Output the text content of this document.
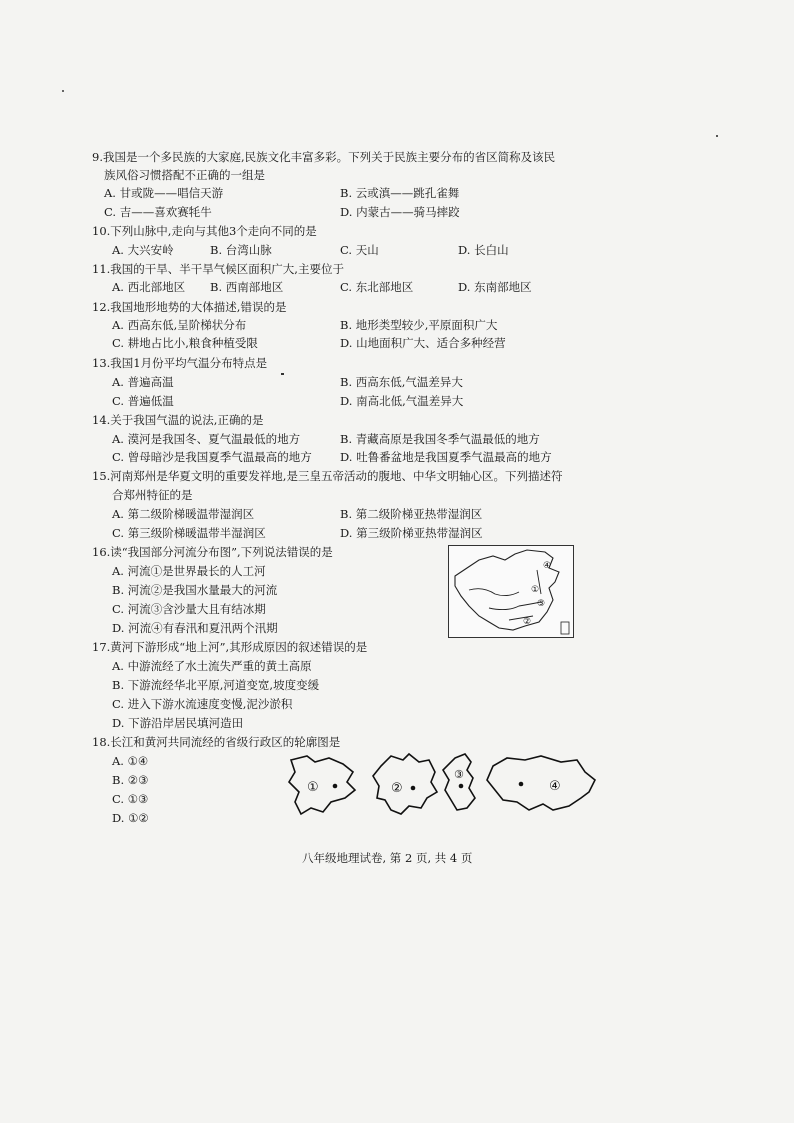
9.我国是一个多民族的大家庭,民族文化丰富多彩。下列关于民族主要分布的省区简称及该民
族风俗习惯搭配不正确的一组是
A. 甘或陇——唱信天游	B. 云或滇——跳孔雀舞
C. 吉——喜欢赛牦牛	D. 内蒙古——骑马摔跤
10.下列山脉中,走向与其他3个走向不同的是
A. 大兴安岭	B. 台湾山脉	C. 天山	D. 长白山
11.我国的干旱、半干旱气候区面积广大,主要位于
A. 西北部地区 B. 西南部地区	C. 东北部地区	D. 东南部地区
12.我国地形地势的大体描述,错误的是
A. 西高东低,呈阶梯状分布	B. 地形类型较少,平原面积广大
C. 耕地占比小,粮食种植受限	D. 山地面积广大、适合多种经营
13.我国1月份平均气温分布特点是
A. 普遍高温	B. 西高东低,气温差异大
C. 普遍低温	D. 南高北低,气温差异大
14.关于我国气温的说法,正确的是
A. 漠河是我国冬、夏气温最低的地方	B. 青藏高原是我国冬季气温最低的地方
C. 曾母暗沙是我国夏季气温最高的地方 D. 吐鲁番盆地是我国夏季气温最高的地方
15.河南郑州是华夏文明的重要发祥地,是三皇五帝活动的腹地、中华文明轴心区。下列描述符
合郑州特征的是
A. 第二级阶梯暖温带湿润区	B. 第二级阶梯亚热带湿润区
C. 第三级阶梯暖温带半湿润区	D. 第三级阶梯亚热带湿润区
16.读“我国部分河流分布图”,下列说法错误的是
A. 河流①是世界最长的人工河
B. 河流②是我国水量最大的河流
C. 河流③含沙量大且有结冰期
D. 河流④有春汛和夏汛两个汛期
④
①
③
②
17.黄河下游形成“地上河”,其形成原因的叙述错误的是
A. 中游流经了水土流失严重的黄土高原
B. 下游流经华北平原,河道变宽,坡度变缓
C. 进入下游水流速度变慢,泥沙淤积
D. 下游沿岸居民填河造田
18.长江和黄河共同流经的省级行政区的轮廓图是
A. ①④
B. ②③
C. ①③
D. ①②
①	②
③
④
八年级地理试卷, 第 2 页, 共 4 页
